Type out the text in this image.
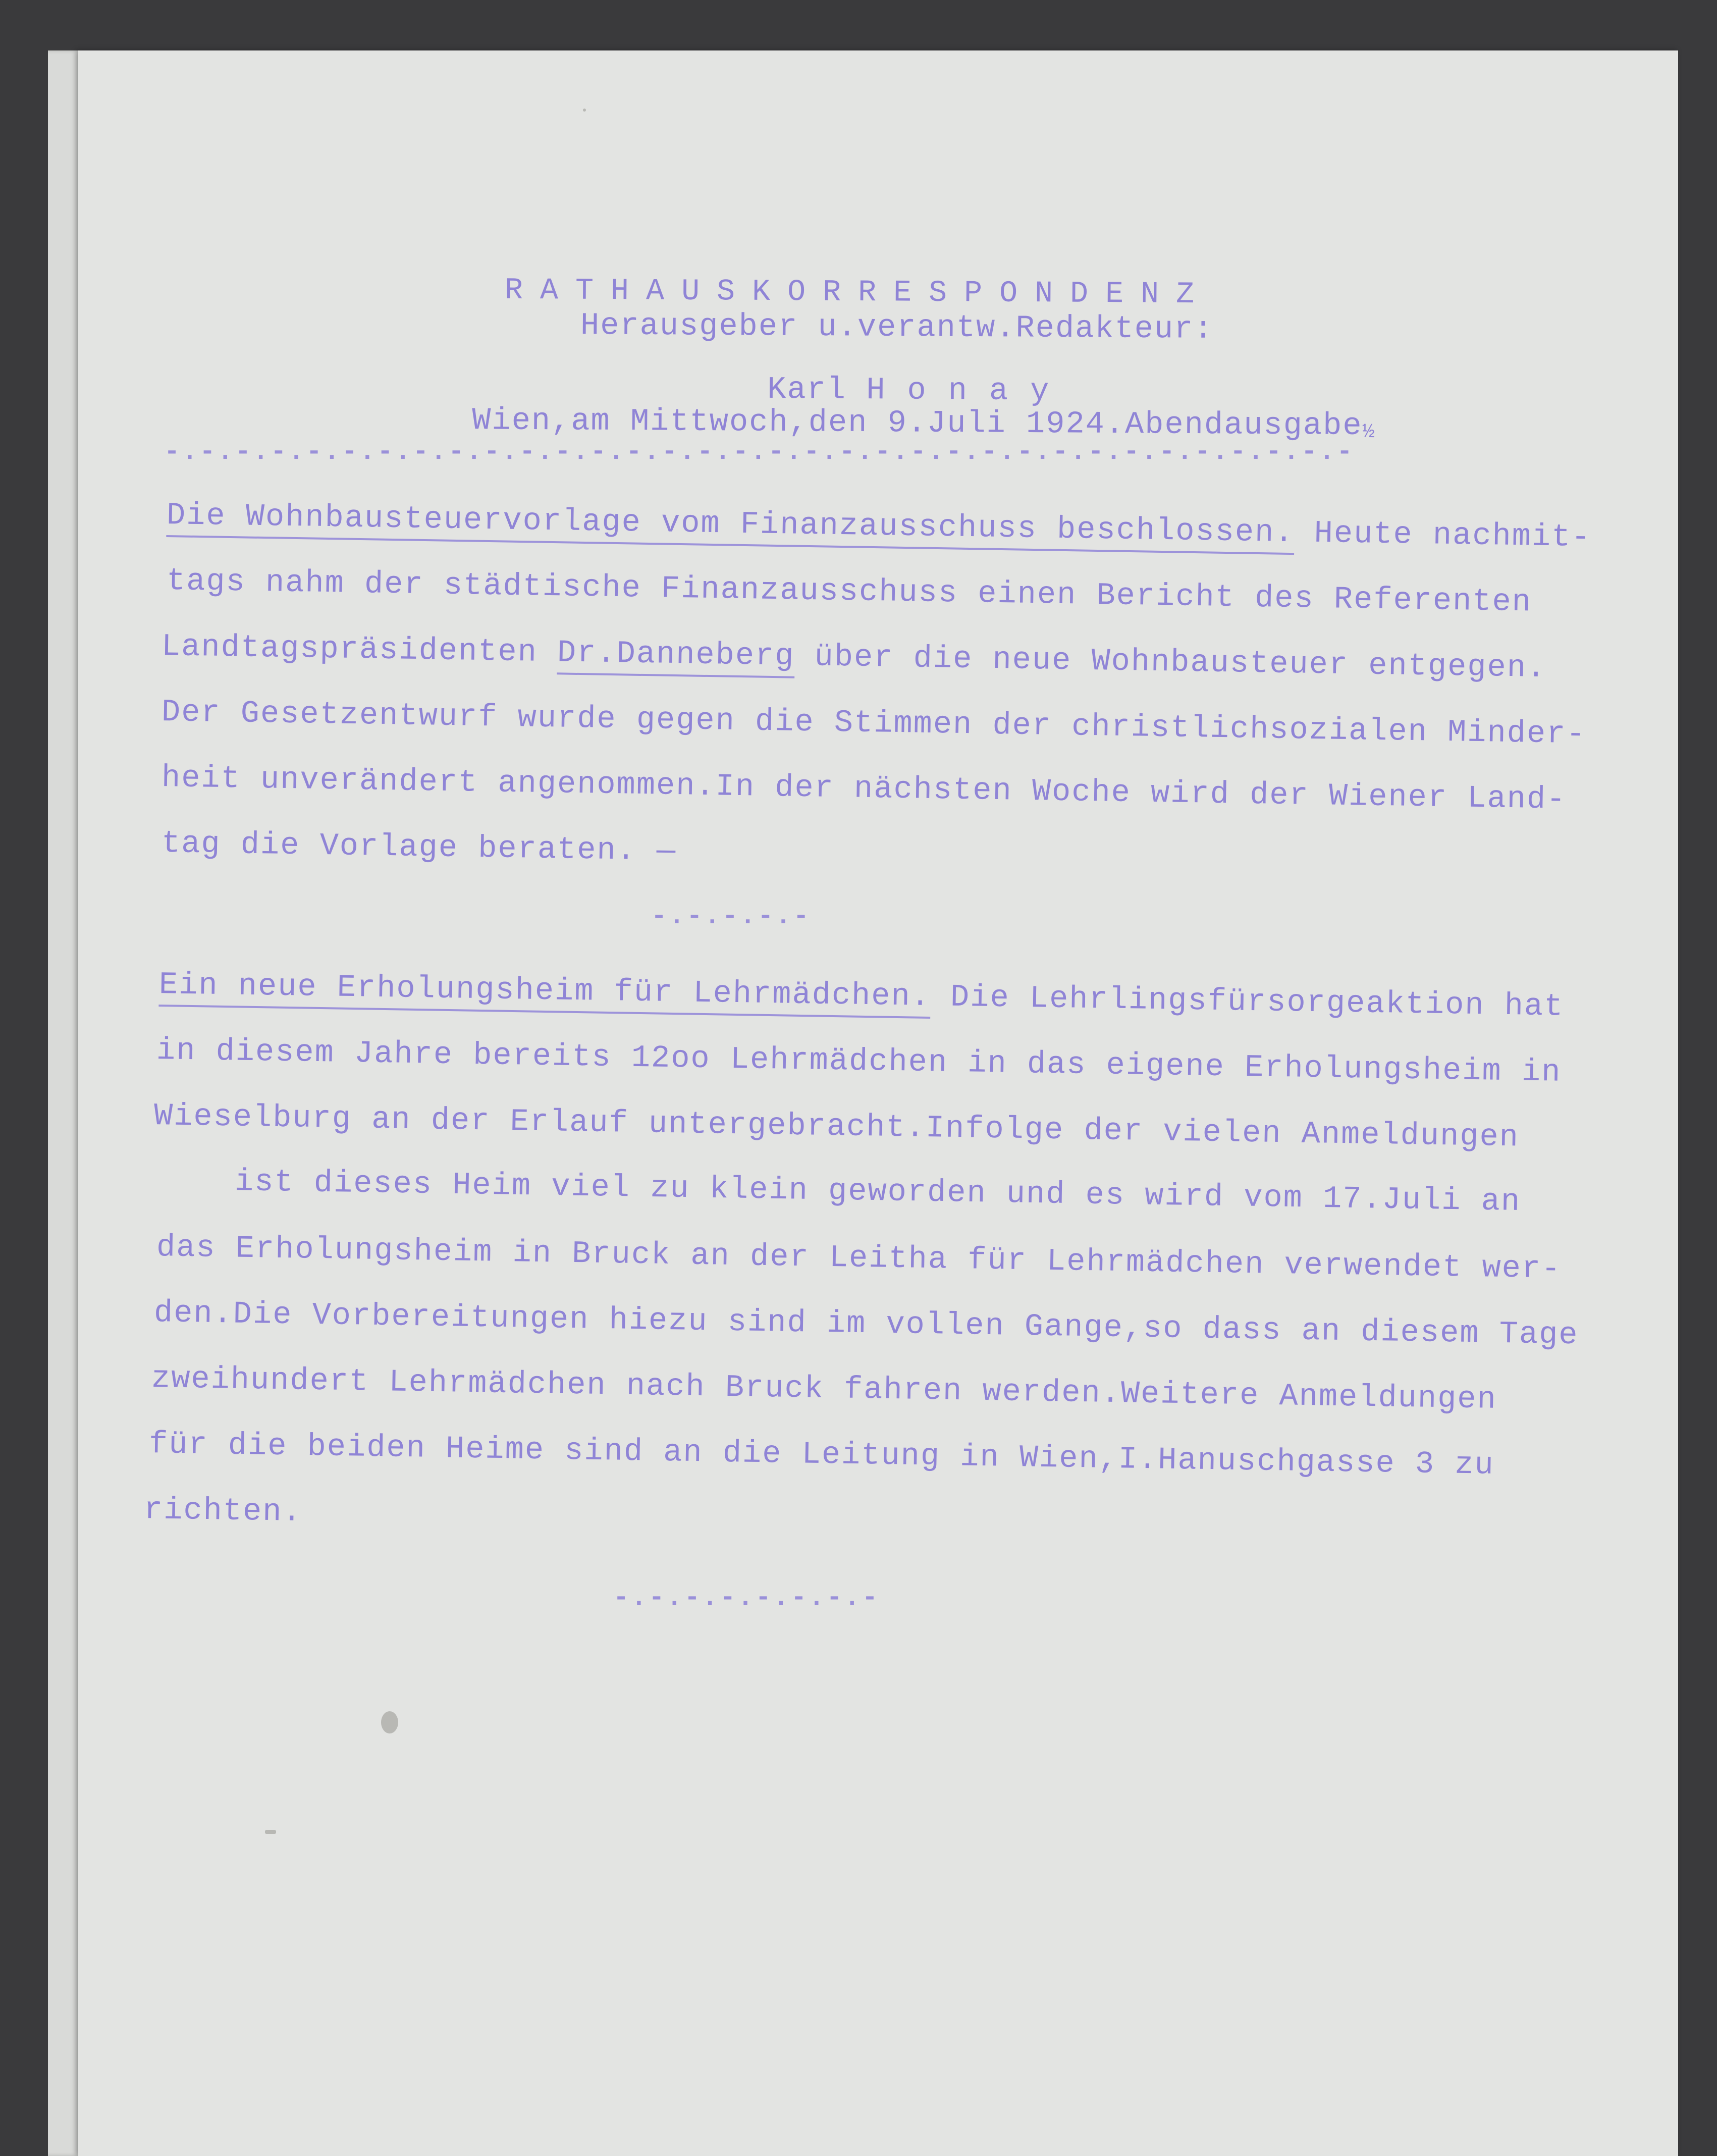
RATHAUSKORRESPONDENZ
Herausgeber u.verantw.Redakteur:

Karl Honay

Wien,am Mittwoch,den 9.Juli 1924.Abendausgabe½

-.-.-.-.-.-.-.-.-.-.-.-.-.-.-.-.-.-.-.-.-.-.-.-.-.-.-.-.-.-.-.-.-.-
Die Wohnbausteuervorlage vom Finanzausschuss beschlossen. Heute nachmit-
tags nahm der städtische Finanzausschuss einen Bericht des Referenten
Landtagspräsidenten Dr.Danneberg über die neue Wohnbausteuer entgegen.
Der Gesetzentwurf wurde gegen die Stimmen der christlichsozialen Minder-
heit unverändert angenommen.In der nächsten Woche wird der Wiener Land-
tag die Vorlage beraten. —
-.-.-.-.-
Ein neue Erholungsheim für Lehrmädchen. Die Lehrlingsfürsorgeaktion hat
in diesem Jahre bereits 12oo Lehrmädchen in das eigene Erholungsheim in
Wieselburg an der Erlauf untergebracht.Infolge der vielen Anmeldungen
ist dieses Heim viel zu klein geworden und es wird vom 17.Juli an
das Erholungsheim in Bruck an der Leitha für Lehrmädchen verwendet wer-
den.Die Vorbereitungen hiezu sind im vollen Gange,so dass an diesem Tage
zweihundert Lehrmädchen nach Bruck fahren werden.Weitere Anmeldungen
für die beiden Heime sind an die Leitung in Wien,I.Hanuschgasse 3 zu
richten.
-.-.-.-.-.-.-.-
